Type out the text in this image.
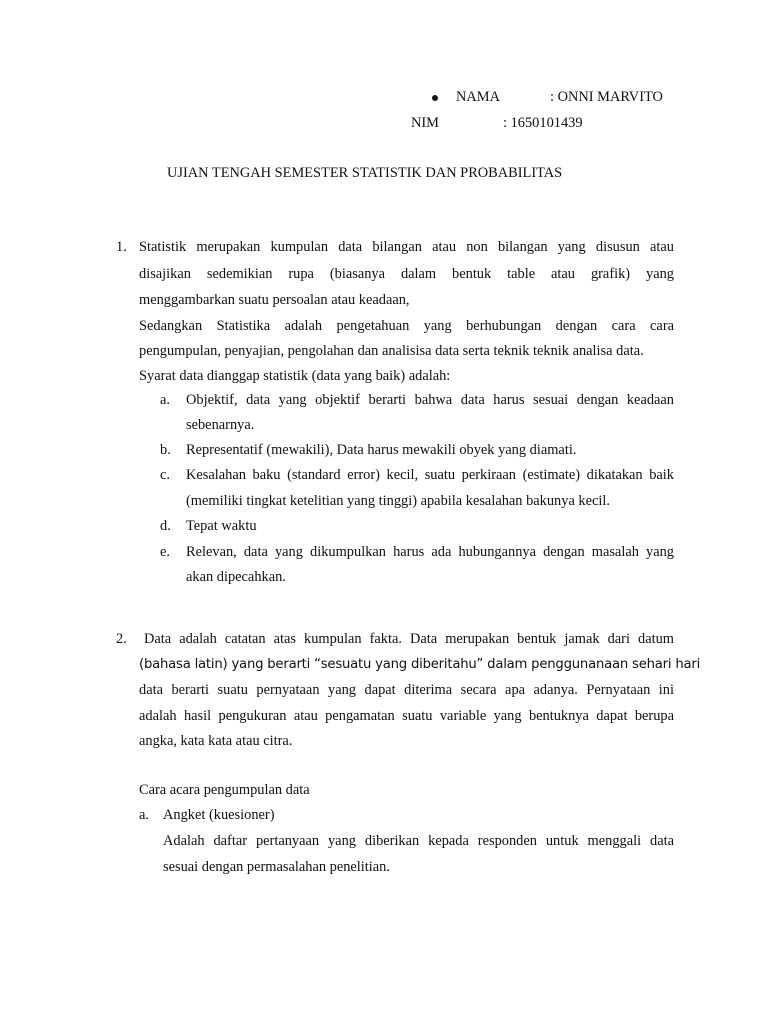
NAMA	: ONNI MARVITO
NIM	: 1650101439
UJIAN TENGAH SEMESTER STATISTIK DAN PROBABILITAS
1. Statistik merupakan kumpulan data bilangan atau non bilangan yang disusun atau
disajikan sedemikian rupa (biasanya dalam bentuk table atau grafik) yang
menggambarkan suatu persoalan atau keadaan,
Sedangkan Statistika adalah pengetahuan yang berhubungan dengan cara cara
pengumpulan, penyajian, pengolahan dan analisisa data serta teknik teknik analisa data.
Syarat data dianggap statistik (data yang baik) adalah:
a. Objektif, data yang objektif berarti bahwa data harus sesuai dengan keadaan
sebenarnya.
b. Representatif (mewakili), Data harus mewakili obyek yang diamati.
c. Kesalahan baku (standard error) kecil, suatu perkiraan (estimate) dikatakan baik
(memiliki tingkat ketelitian yang tinggi) apabila kesalahan bakunya kecil.
d. Tepat waktu
e. Relevan, data yang dikumpulkan harus ada hubungannya dengan masalah yang
akan dipecahkan.
2. Data adalah catatan atas kumpulan fakta. Data merupakan bentuk jamak dari datum
(bahasa latin) yang berarti “sesuatu yang diberitahu” dalam penggunanaan sehari hari
data berarti suatu pernyataan yang dapat diterima secara apa adanya. Pernyataan ini
adalah hasil pengukuran atau pengamatan suatu variable yang bentuknya dapat berupa
angka, kata kata atau citra.
Cara acara pengumpulan data
a. Angket (kuesioner)
Adalah daftar pertanyaan yang diberikan kepada responden untuk menggali data
sesuai dengan permasalahan penelitian.
